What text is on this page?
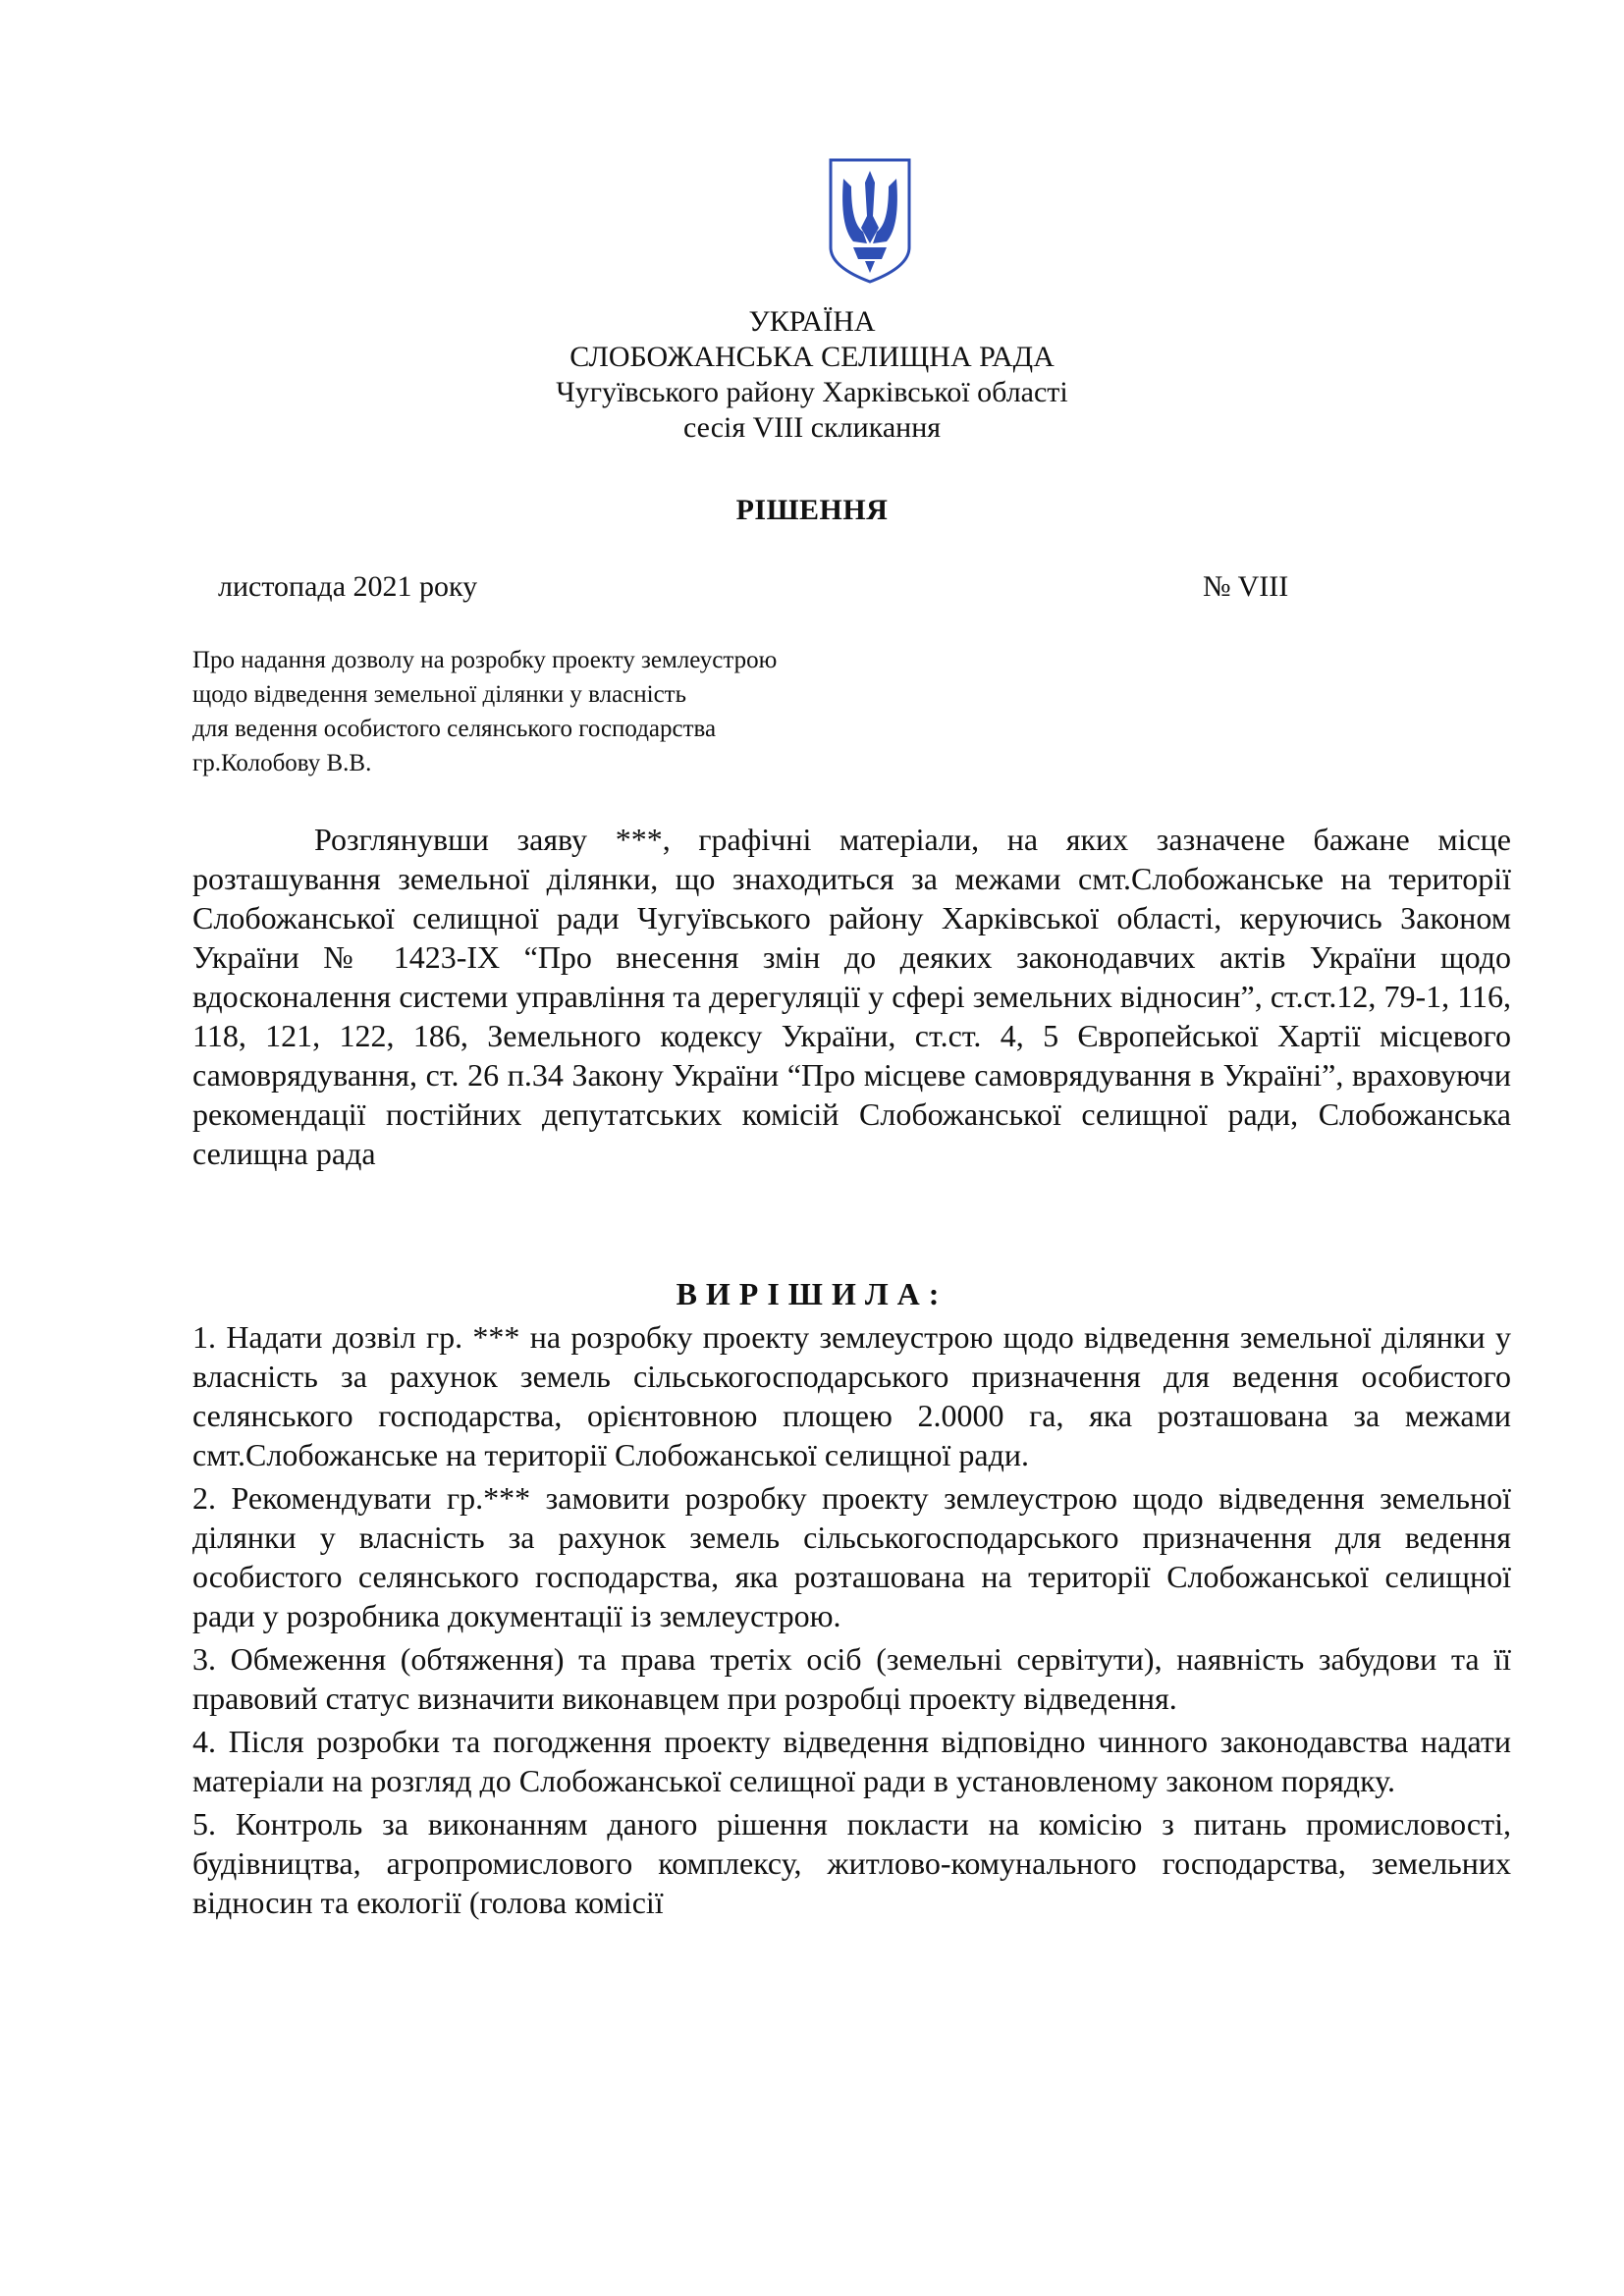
УКРАЇНА
СЛОБОЖАНСЬКА СЕЛИЩНА РАДА
Чугуївського району Харківської області
сесія VIII скликання
РІШЕННЯ
листопада 2021 року	№ VIII
Про надання дозволу на розробку проекту землеустрою
щодо відведення земельної ділянки у власність
для ведення особистого селянського господарства
гр.Колобову В.В.
Розглянувши заяву ***, графічні матеріали, на яких зазначене бажане місце розташування земельної ділянки, що знаходиться за межами смт.Слобожанське на території Слобожанської селищної ради Чугуївського району Харківської області, керуючись Законом України № 1423-IX “Про внесення змін до деяких законодавчих актів України щодо вдосконалення системи управління та дерегуляції у сфері земельних відносин”, ст.ст.12, 79-1, 116, 118, 121, 122, 186, Земельного кодексу України, ст.ст. 4, 5 Європейської Хартії місцевого самоврядування, ст. 26 п.34 Закону України “Про місцеве самоврядування в Україні”, враховуючи рекомендації постійних депутатських комісій Слобожанської селищної ради, Слобожанська селищна рада
ВИРІШИЛА:

1. Надати дозвіл гр. *** на розробку проекту землеустрою щодо відведення земельної ділянки у власність за рахунок земель сільськогосподарського призначення для ведення особистого селянського господарства, орієнтовною площею 2.0000 га, яка розташована за межами смт.Слобожанське на території Слобожанської селищної ради.

2. Рекомендувати гр.*** замовити розробку проекту землеустрою щодо відведення земельної ділянки у власність за рахунок земель сільськогосподарського призначення для ведення особистого селянського господарства, яка розташована на території Слобожанської селищної ради у розробника документації із землеустрою.

3. Обмеження (обтяження) та права третіх осіб (земельні сервітути), наявність забудови та її правовий статус визначити виконавцем при розробці проекту відведення.

4. Після розробки та погодження проекту відведення відповідно чинного законодавства надати матеріали на розгляд до Слобожанської селищної ради в установленому законом порядку.

5. Контроль за виконанням даного рішення покласти на комісію з питань промисловості, будівництва, агропромислового комплексу, житлово-комунального господарства, земельних відносин та екології (голова комісії
